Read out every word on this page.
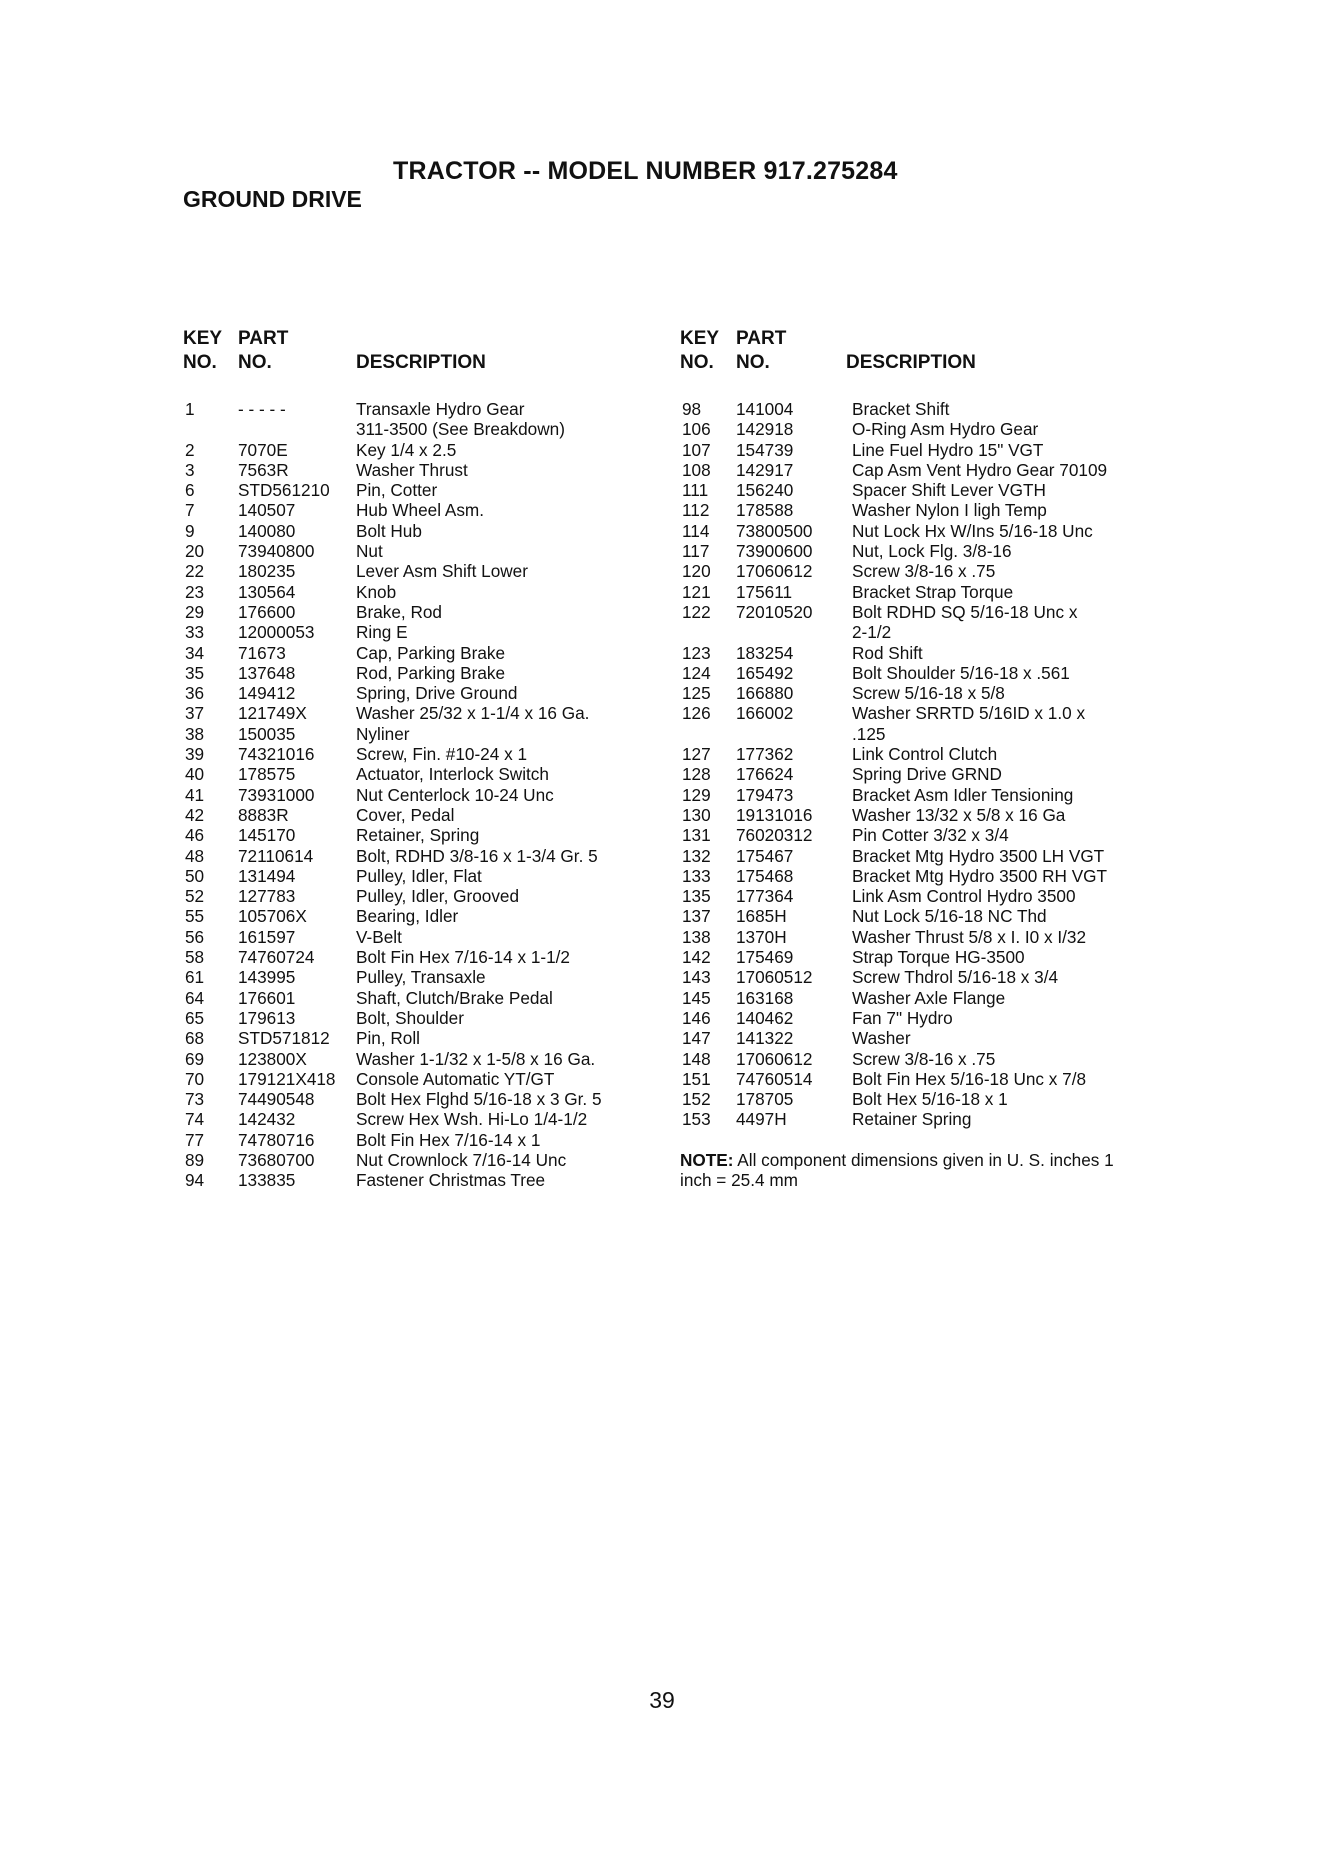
TRACTOR -- MODEL NUMBER 917.275284
GROUND DRIVE
KEY
NO.
PART
NO.	DESCRIPTION
1	- - - - -	Transaxle Hydro Gear
311-3500 (See Breakdown)
2	7070E	Key 1/4 x 2.5
3	7563R	Washer Thrust
6	STD561210 Pin, Cotter
7	140507	Hub Wheel Asm.
9	140080	Bolt Hub
20 73940800 Nut
22 180235	Lever Asm Shift Lower
23 130564	Knob
29 176600	Brake, Rod
33 12000053 Ring E
34 71673	Cap, Parking Brake
35 137648	Rod, Parking Brake
36 149412	Spring, Drive Ground
37 121749X	Washer 25/32 x 1-1/4 x 16 Ga.
38 150035	Nyliner
39 74321016 Screw, Fin. #10-24 x 1
40 178575	Actuator, Interlock Switch
41 73931000 Nut Centerlock 10-24 Unc
42 8883R	Cover, Pedal
46 145170	Retainer, Spring
48 72110614 Bolt, RDHD 3/8-16 x 1-3/4 Gr. 5
50 131494	Pulley, Idler, Flat
52 127783	Pulley, Idler, Grooved
55 105706X	Bearing, Idler
56 161597	V-Belt
58 74760724 Bolt Fin Hex 7/16-14 x 1-1/2
61 143995	Pulley, Transaxle
64 176601	Shaft, Clutch/Brake Pedal
65 179613	Bolt, Shoulder
68 STD571812 Pin, Roll
69 123800X	Washer 1-1/32 x 1-5/8 x 16 Ga.
70 179121X418 Console Automatic YT/GT
73 74490548 Bolt Hex Flghd 5/16-18 x 3 Gr. 5
74 142432	Screw Hex Wsh. Hi-Lo 1/4-1/2
77 74780716 Bolt Fin Hex 7/16-14 x 1
89 73680700 Nut Crownlock 7/16-14 Unc
94 133835	Fastener Christmas Tree
KEY
NO.
PART
NO.	DESCRIPTION
98 141004	Bracket Shift
106 142918	O-Ring Asm Hydro Gear
107 154739	Line Fuel Hydro 15" VGT
108 142917	Cap Asm Vent Hydro Gear 70109
111 156240	Spacer Shift Lever VGTH
112 178588	Washer Nylon I ligh Temp
114 73800500 Nut Lock Hx W/Ins 5/16-18 Unc
117 73900600 Nut, Lock Flg. 3/8-16
120 17060612 Screw 3/8-16 x .75
121 175611	Bracket Strap Torque
122 72010520 Bolt RDHD SQ 5/16-18 Unc x
2-1/2
123 183254	Rod Shift
124 165492	Bolt Shoulder 5/16-18 x .561
125 166880	Screw 5/16-18 x 5/8
126 166002	Washer SRRTD 5/16ID x 1.0 x
.125
127 177362	Link Control Clutch
128 176624	Spring Drive GRND
129 179473	Bracket Asm Idler Tensioning
130 19131016 Washer 13/32 x 5/8 x 16 Ga
131 76020312 Pin Cotter 3/32 x 3/4
132 175467	Bracket Mtg Hydro 3500 LH VGT
133 175468	Bracket Mtg Hydro 3500 RH VGT
135 177364	Link Asm Control Hydro 3500
137 1685H	Nut Lock 5/16-18 NC Thd
138 1370H	Washer Thrust 5/8 x I. I0 x I/32
142 175469	Strap Torque HG-3500
143 17060512 Screw Thdrol 5/16-18 x 3/4
145 163168	Washer Axle Flange
146 140462	Fan 7" Hydro
147 141322	Washer
148 17060612 Screw 3/8-16 x .75
151 74760514 Bolt Fin Hex 5/16-18 Unc x 7/8
152 178705	Bolt Hex 5/16-18 x 1
153 4497H	Retainer Spring
NOTE: All component dimensions given in U. S. inches 1 inch = 25.4 mm
39
